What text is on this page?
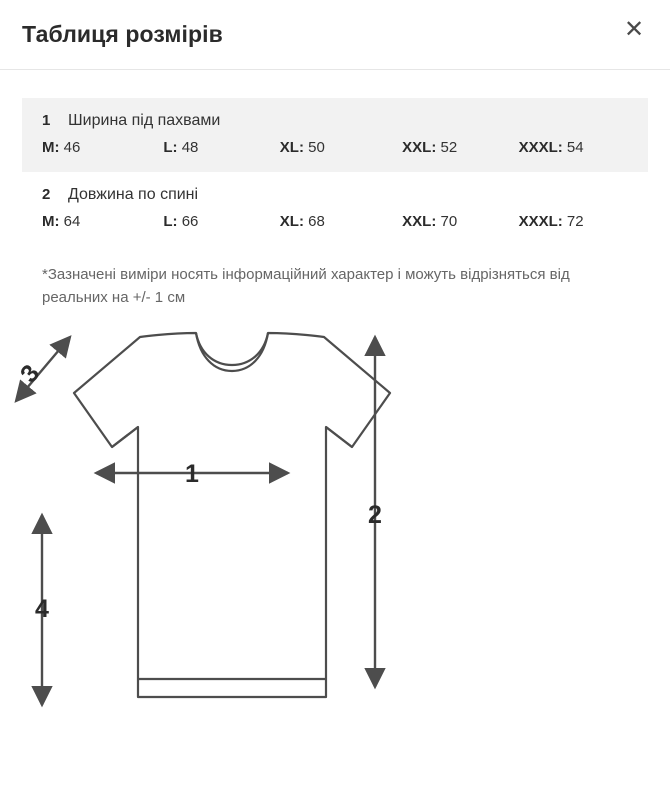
Таблиця розмірів	✕
1	Ширина під пахвами
M: 46	L: 48	XL: 50	XXL: 52	XXXL: 54
2	Довжина по спині
M: 64	L: 66	XL: 68	XXL: 70	XXXL: 72
*Зазначені виміри носять інформаційний характер і можуть відрізняться від реальних на +/- 1 см
1
2
3
4
